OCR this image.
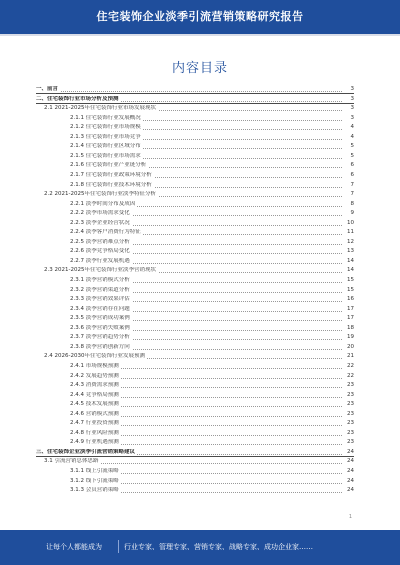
住宅装饰企业淡季引流营销策略研究报告
内容目录
一、前言	3
二、住宅装饰行业市场分析及预测	3
2.1 2021-2025年住宅装饰行业市场发展现状	3
2.1.1 住宅装饰行业发展概况	3
2.1.2 住宅装饰行业市场规模	4
2.1.3 住宅装饰行业市场竞争	4
2.1.4 住宅装饰行业区域分布	5
2.1.5 住宅装饰行业市场需求	5
2.1.6 住宅装饰行业产业链分析	6
2.1.7 住宅装饰行业政策环境分析	6
2.1.8 住宅装饰行业技术环境分析	7
2.2 2021-2025年住宅装饰行业淡季特征分析	7
2.2.1 淡季时间分布及成因	8
2.2.2 淡季市场需求变化	9
2.2.3 淡季企业经营状况	10
2.2.4 淡季客户消费行为特征	11
2.2.5 淡季营销难点分析	12
2.2.6 淡季竞争格局变化	13
2.2.7 淡季行业发展机遇	14
2.3 2021-2025年住宅装饰行业淡季营销现状	14
2.3.1 淡季营销模式分析	15
2.3.2 淡季营销渠道分析	15
2.3.3 淡季营销效果评估	16
2.3.4 淡季营销存在问题	17
2.3.5 淡季营销成功案例	17
2.3.6 淡季营销失败案例	18
2.3.7 淡季营销趋势分析	19
2.3.8 淡季营销创新方向	20
2.4 2026-2030年住宅装饰行业发展预测	21
2.4.1 市场规模预测	22
2.4.2 发展趋势预测	22
2.4.3 消费需求预测	23
2.4.4 竞争格局预测	23
2.4.5 技术发展预测	23
2.4.6 营销模式预测	23
2.4.7 行业投资预测	23
2.4.8 行业风险预测	23
2.4.9 行业机遇预测	23
三、住宅装饰企业淡季引流营销策略建议	24
3.1 引流营销总体思路	24
3.1.1 线上引流策略	24
3.1.2 线下引流策略	24
3.1.3 会员营销策略	24
1
让每个人都能成为	行业专家、管理专家、营销专家、战略专家、成功企业家……
